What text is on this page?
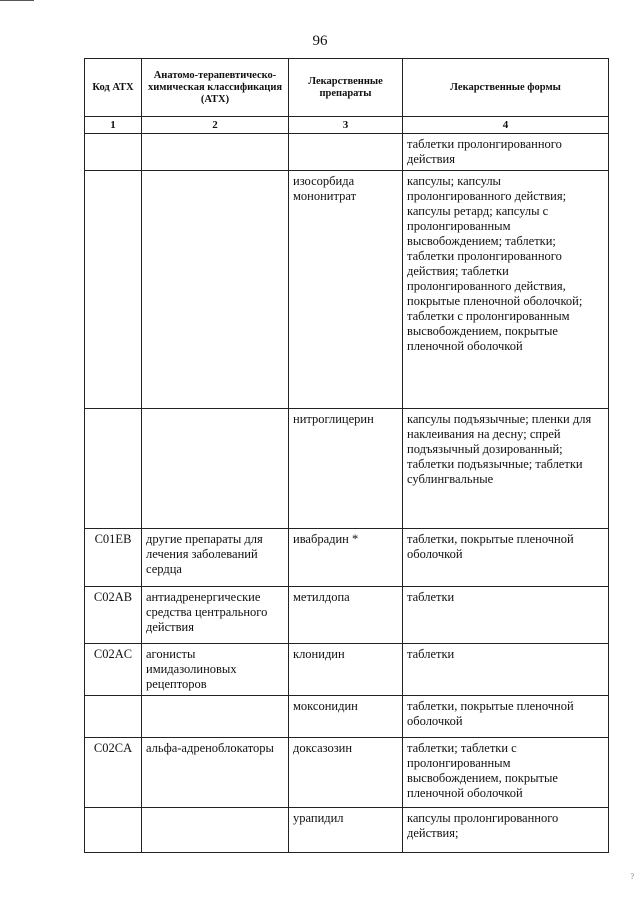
96
Код АТХ	Анатомо-терапевтическо-химическая классификация (АТХ)	Лекарственные препараты	Лекарственные формы
1	2	3	4
			таблетки пролонгированного действия
		изосорбида мононитрат	капсулы; капсулы пролонгированного действия; капсулы ретард; капсулы с пролонгированным высвобождением; таблетки; таблетки пролонгированного действия; таблетки пролонгированного действия, покрытые пленочной оболочкой; таблетки с пролонгированным высвобождением, покрытые пленочной оболочкой
		нитроглицерин	капсулы подъязычные; пленки для наклеивания на десну; спрей подъязычный дозированный; таблетки подъязычные; таблетки сублингвальные
C01EB	другие препараты для лечения заболеваний сердца	ивабрадин *	таблетки, покрытые пленочной оболочкой
C02AB	антиадренергические средства центрального действия	метилдопа	таблетки
C02AC	агонисты имидазолиновых рецепторов	клонидин	таблетки
		моксонидин	таблетки, покрытые пленочной оболочкой
C02CA	альфа-адреноблокаторы	доксазозин	таблетки; таблетки с пролонгированным высвобождением, покрытые пленочной оболочкой
		урапидил	капсулы пролонгированного действия;
?
